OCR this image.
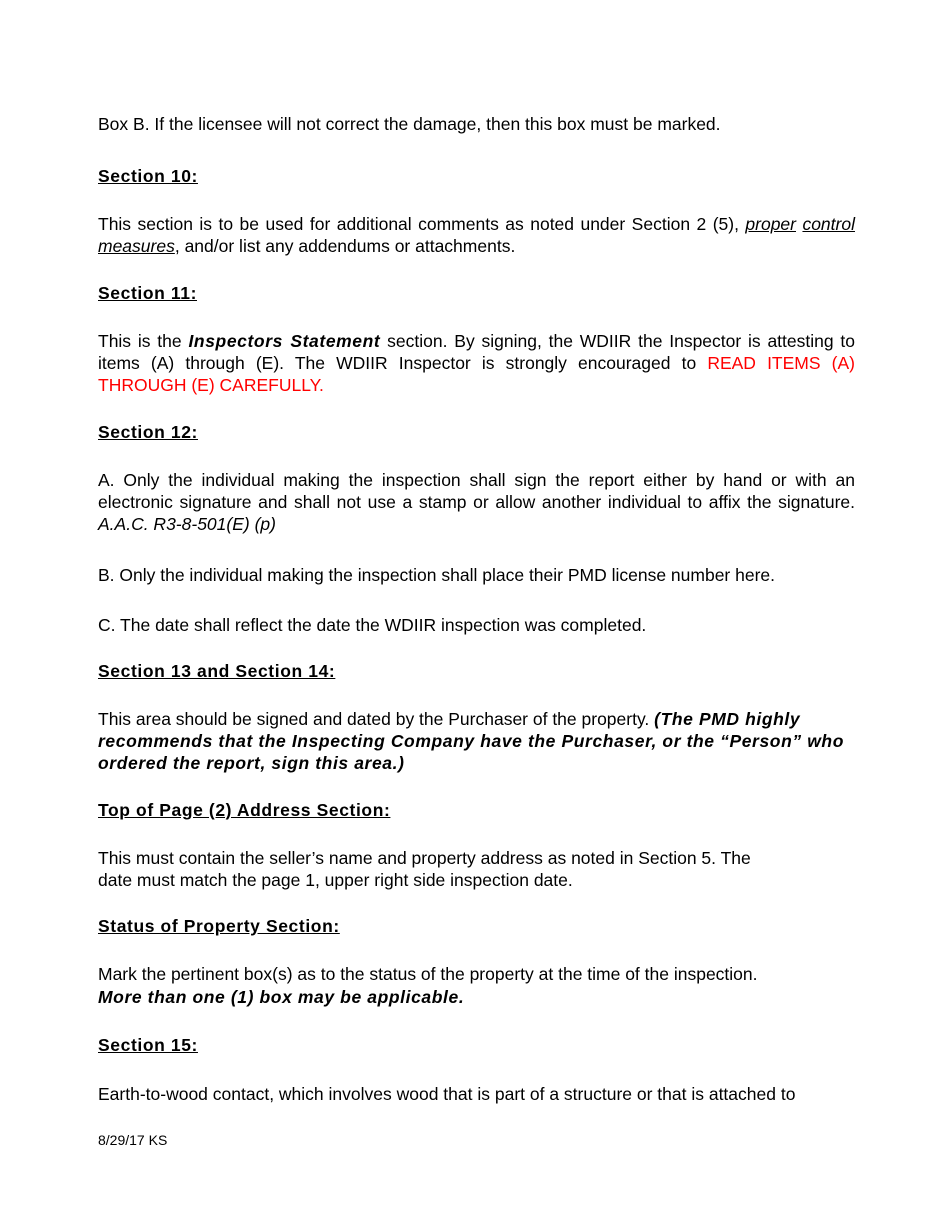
Box B. If the licensee will not correct the damage, then this box must be marked.
Section 10:
This section is to be used for additional comments as noted under Section 2 (5), proper control measures, and/or list any addendums or attachments.
Section 11:
This is the Inspectors Statement section. By signing, the WDIIR the Inspector is attesting to items (A) through (E). The WDIIR Inspector is strongly encouraged to READ ITEMS (A) THROUGH (E) CAREFULLY.
Section 12:
A. Only the individual making the inspection shall sign the report either by hand or with an electronic signature and shall not use a stamp or allow another individual to affix the signature. A.A.C. R3-8-501(E) (p)
B. Only the individual making the inspection shall place their PMD license number here.
C. The date shall reflect the date the WDIIR inspection was completed.
Section 13 and Section 14:
This area should be signed and dated by the Purchaser of the property. (The PMD highly recommends that the Inspecting Company have the Purchaser, or the “Person” who ordered the report, sign this area.)
Top of Page (2) Address Section:
This must contain the seller’s name and property address as noted in Section 5. The
date must match the page 1, upper right side inspection date.
Status of Property Section:
Mark the pertinent box(s) as to the status of the property at the time of the inspection.
More than one (1) box may be applicable.
Section 15:
Earth-to-wood contact, which involves wood that is part of a structure or that is attached to
8/29/17 KS
